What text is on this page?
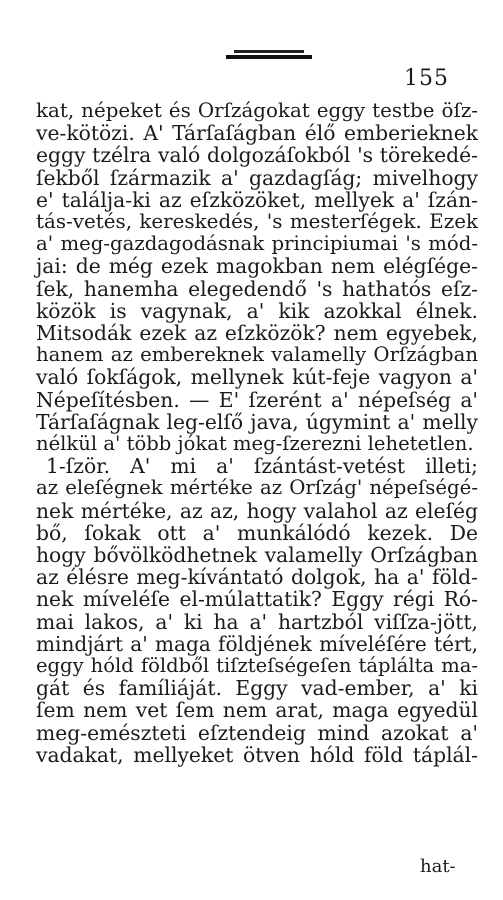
155
kat, népeket és Orſzágokat eggy testbe öſz-
ve-kötözi. A' Tárſaſágban élő emberieknek
eggy tzélra való dolgozáſokból 's törekedé-
ſekből ſzármazik a' gazdagſág; mivelhogy
e' találja-ki az eſzközöket, mellyek a' ſzán-
tás-vetés, kereskedés, 's mesterſégek. Ezek
a' meg-gazdagodásnak principiumai 's mód-
jai: de még ezek magokban nem elégſége-
ſek, hanemha elegedendő 's hathatós eſz-
közök is vagynak, a' kik azokkal élnek.
Mitsodák ezek az eſzközök? nem egyebek,
hanem az embereknek valamelly Orſzágban
való ſokſágok, mellynek kút-feje vagyon a'
Népeſítésben. — E' ſzerént a' népeſség a'
Tárſaſágnak leg-elſő java, úgymint a' melly
nélkül a' több jókat meg-ſzerezni lehetetlen.
1-ſzör. A' mi a' ſzántást-vetést illeti;
az eleſégnek mértéke az Orſzág' népeſségé-
nek mértéke, az az, hogy valahol az eleſég
bő, ſokak ott a' munkálódó kezek. De
hogy bővölködhetnek valamelly Orſzágban
az élésre meg-kívántató dolgok, ha a' föld-
nek míveléſe el-múlattatik? Eggy régi Ró-
mai lakos, a' ki ha a' hartzból viſſza-jött,
mindjárt a' maga földjének míveléſére tért,
eggy hóld földből tiſzteſségeſen táplálta ma-
gát és famíliáját. Eggy vad-ember, a' ki
ſem nem vet ſem nem arat, maga egyedül
meg-emészteti eſztendeig mind azokat a'
vadakat, mellyeket ötven hóld föld táplál-
hat-
